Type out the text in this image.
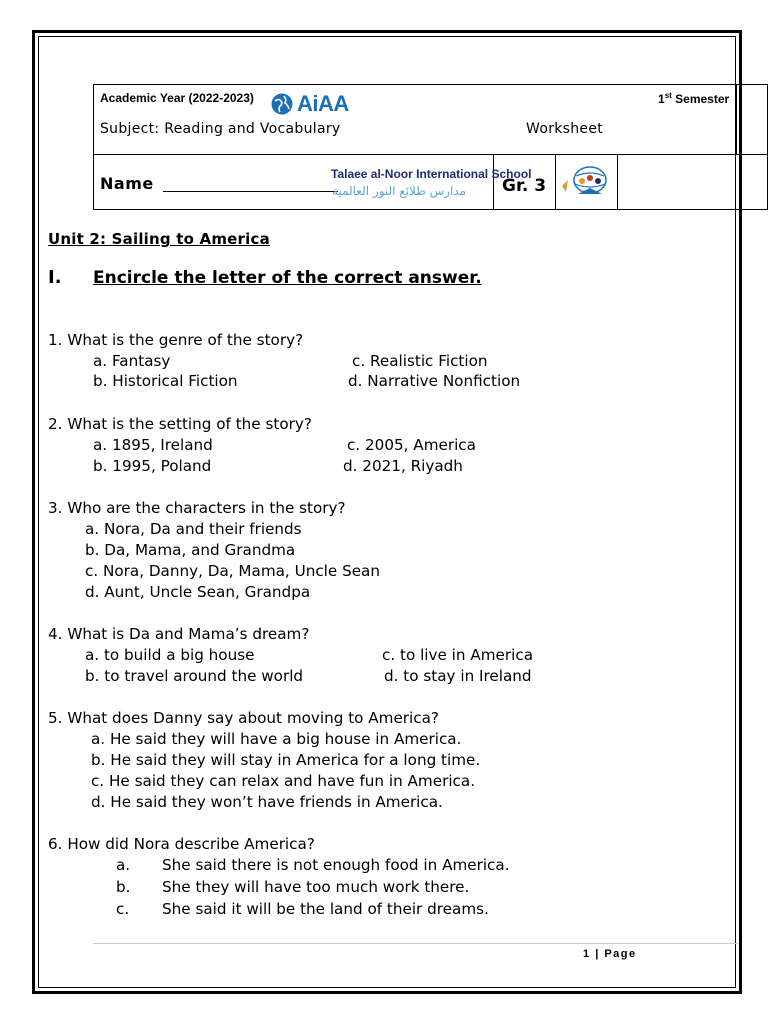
Academic Year (2022-2023) AiAA	1st Semester
Subject: Reading and Vocabulary	Worksheet
Name	Talaee al-Noor International School
مدارس طلائع النور العالمية Gr. 3
Unit 2: Sailing to America
I. Encircle the letter of the correct answer.
1. What is the genre of the story?
a. Fantasy	c. Realistic Fiction
b. Historical Fiction	d. Narrative Nonfiction
2. What is the setting of the story?
a. 1895, Ireland	c. 2005, America
b. 1995, Poland	d. 2021, Riyadh
3. Who are the characters in the story?
a. Nora, Da and their friends
b. Da, Mama, and Grandma
c. Nora, Danny, Da, Mama, Uncle Sean
d. Aunt, Uncle Sean, Grandpa
4. What is Da and Mama’s dream?
a. to build a big house	c. to live in America
b. to travel around the world	d. to stay in Ireland
5. What does Danny say about moving to America?
a. He said they will have a big house in America.
b. He said they will stay in America for a long time.
c. He said they can relax and have fun in America.
d. He said they won’t have friends in America.
6. How did Nora describe America?
a. She said there is not enough food in America.
b. She they will have too much work there.
c. She said it will be the land of their dreams.
1 | Page
